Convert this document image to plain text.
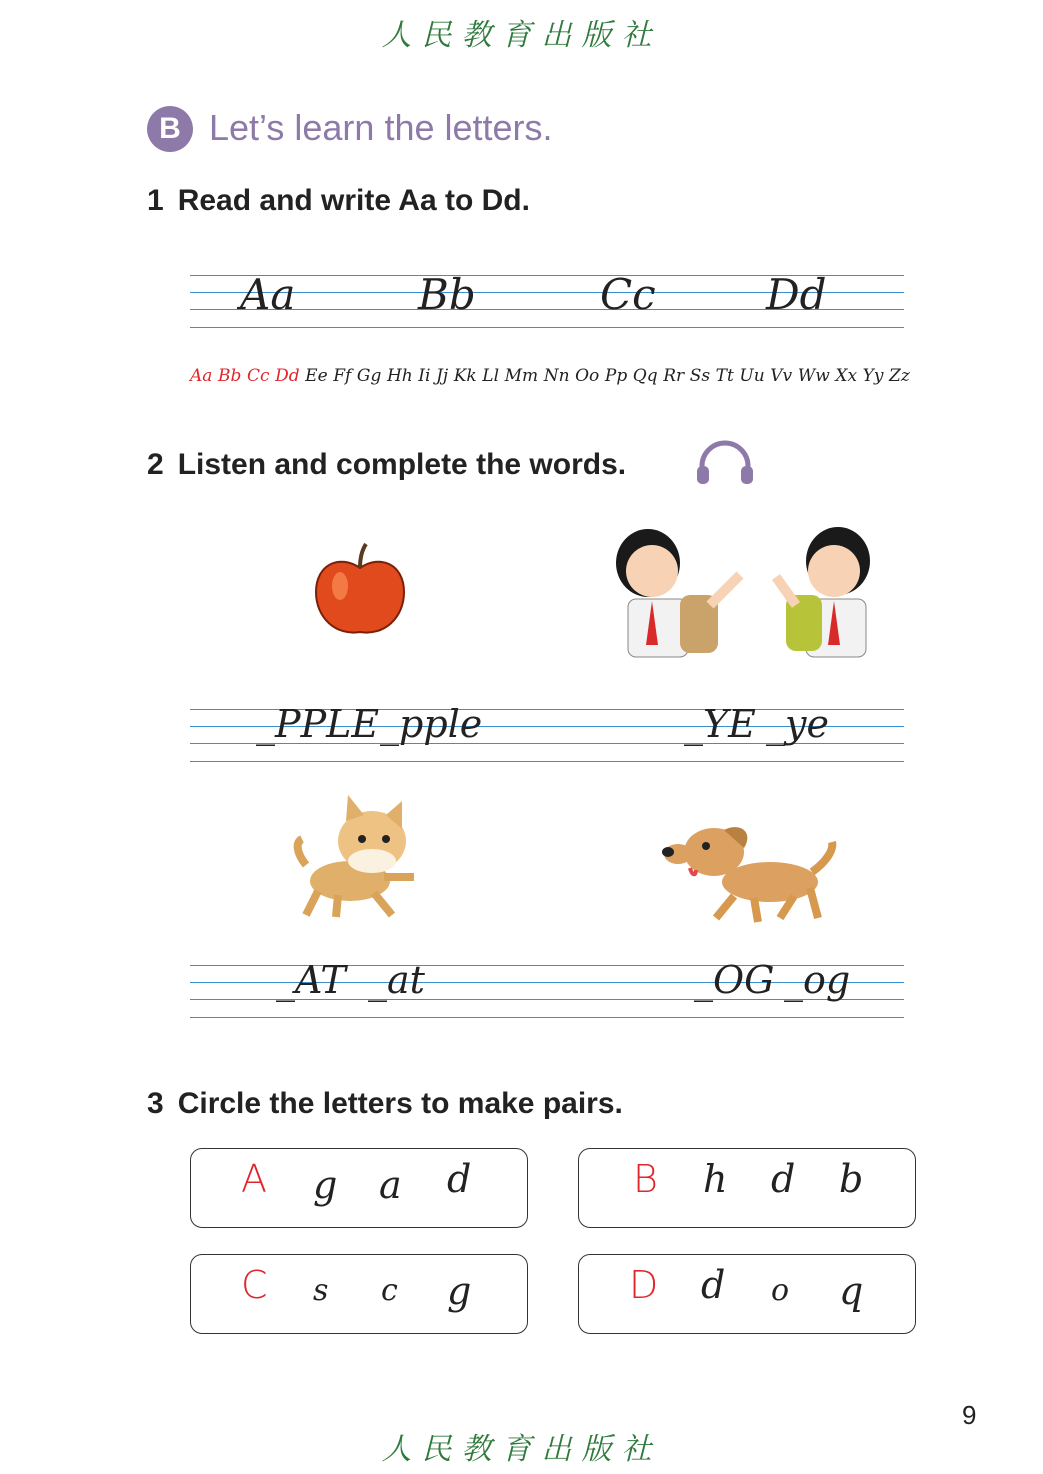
人民教育出版社
B Let’s learn the letters.
1 Read and write Aa to Dd.
Aa	Bb	Cc	Dd
Aa Bb Cc Dd Ee Ff Gg Hh Ii Jj Kk Ll Mm Nn Oo Pp Qq Rr Ss Tt Uu Vv Ww Xx Yy Zz
2 Listen and complete the words.
_PPLE _pple	_YE _ye
_AT _at	_OG _og
3 Circle the letters to make pairs.
A g a d	B h d b
C s c g	D d o q
9
人民教育出版社
